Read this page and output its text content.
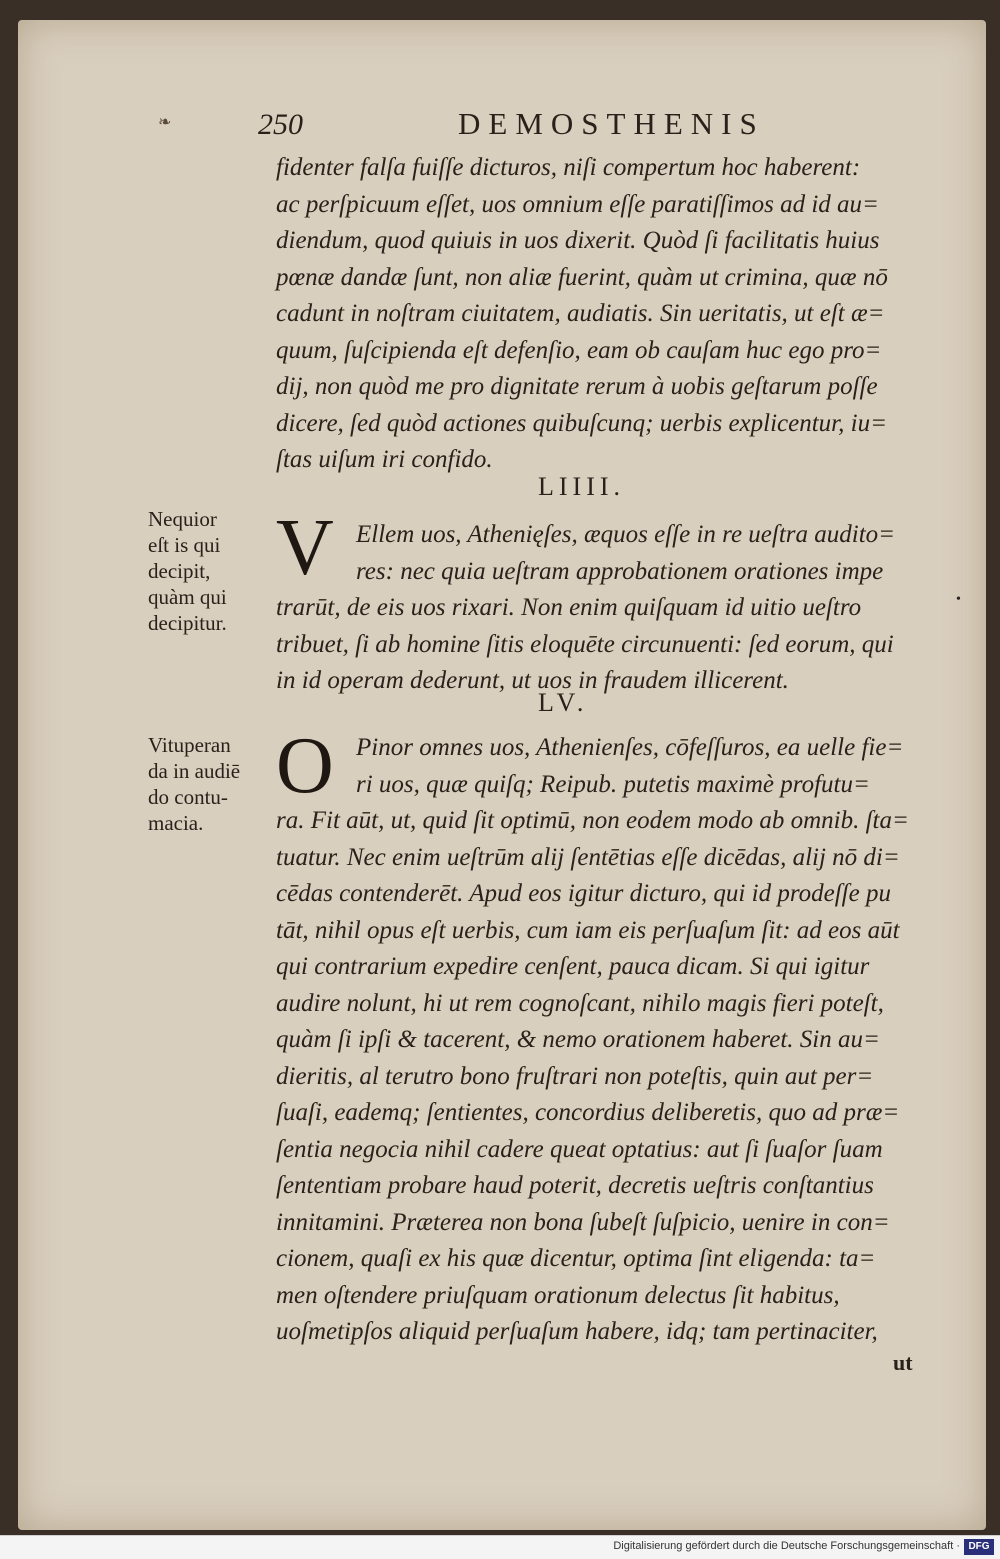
❧	250	DEMOSTHENIS
fidenter falſa fuiſſe dicturos, niſi compertum hoc haberent:
ac perſpicuum eſſet, uos omnium eſſe paratiſſimos ad id au=
diendum, quod quiuis in uos dixerit. Quòd ſi facilitatis huius
pœnæ dandæ ſunt, non aliæ fuerint, quàm ut crimina, quæ nō
cadunt in noſtram ciuitatem, audiatis. Sin ueritatis, ut eſt æ=
quum, ſuſcipienda eſt defenſio, eam ob cauſam huc ego pro=
dij, non quòd me pro dignitate rerum à uobis geſtarum poſſe
dicere, ſed quòd actiones quibuſcunq; uerbis explicentur, iu=
ſtas uiſum iri confido.
LIIII.
Nequior
eſt is qui
decipit,
quàm qui
decipitur.
V Ellem uos, Athenięſes, æquos eſſe in re ueſtra audito=
res: nec quia ueſtram approbationem orationes impe
trarūt, de eis uos rixari. Non enim quiſquam id uitio ueſtro
tribuet, ſi ab homine ſitis eloquēte circunuenti: ſed eorum, qui
in id operam dederunt, ut uos in fraudem illicerent.
•
LV.
Vituperan
da in audiē
do contu-
macia.
O Pinor omnes uos, Athenienſes, cōfeſſuros, ea uelle fie=
ri uos, quæ quiſq; Reipub. putetis maximè profutu=
ra. Fit aūt, ut, quid ſit optimū, non eodem modo ab omnib. ſta=
tuatur. Nec enim ueſtrūm alij ſentētias eſſe dicēdas, alij nō di=
cēdas contenderēt. Apud eos igitur dicturo, qui id prodeſſe pu
tāt, nihil opus eſt uerbis, cum iam eis perſuaſum ſit: ad eos aūt
qui contrarium expedire cenſent, pauca dicam. Si qui igitur
audire nolunt, hi ut rem cognoſcant, nihilo magis fieri poteſt,
quàm ſi ipſi & tacerent, & nemo orationem haberet. Sin au=
dieritis, al terutro bono fruſtrari non poteſtis, quin aut per=
ſuaſi, eademq; ſentientes, concordius deliberetis, quo ad præ=
ſentia negocia nihil cadere queat optatius: aut ſi ſuaſor ſuam
ſententiam probare haud poterit, decretis ueſtris conſtantius
innitamini. Præterea non bona ſubeſt ſuſpicio, uenire in con=
cionem, quaſi ex his quæ dicentur, optima ſint eligenda: ta=
men oſtendere priuſquam orationum delectus ſit habitus,
uoſmetipſos aliquid perſuaſum habere, idq; tam pertinaciter,
ut
Digitalisierung gefördert durch die Deutsche Forschungsgemeinschaft · DFG
